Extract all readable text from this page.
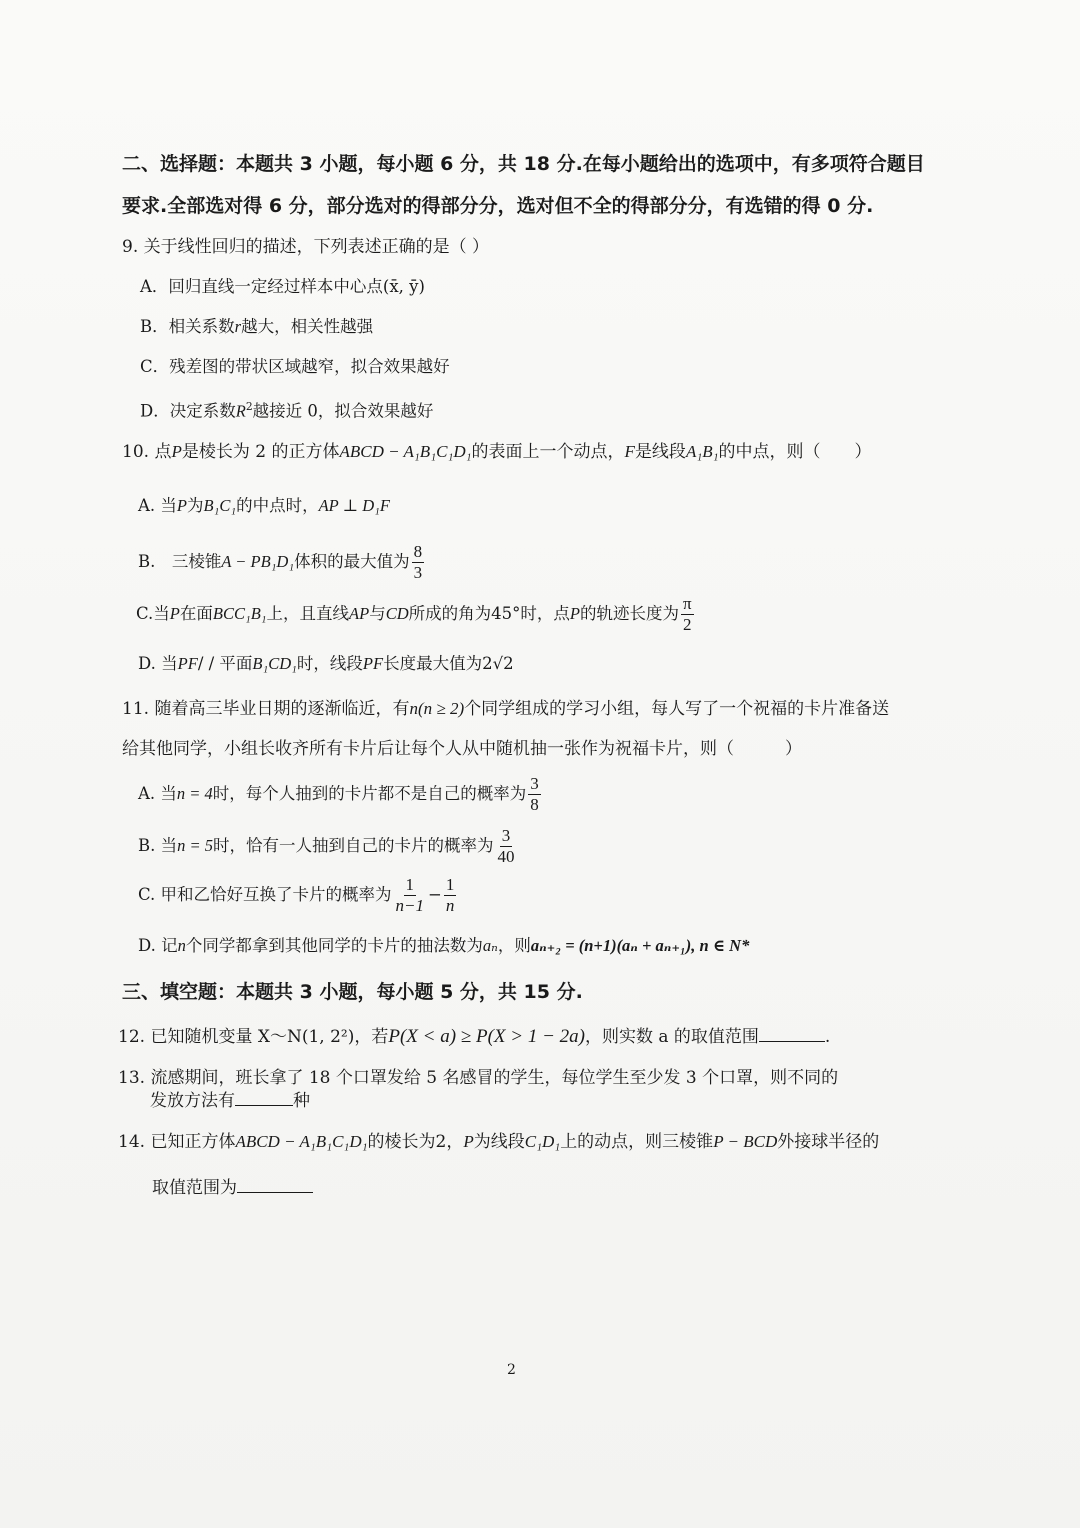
二、选择题：本题共 3 小题，每小题 6 分，共 18 分.在每小题给出的选项中，有多项符合题目
要求.全部选对得 6 分，部分选对的得部分分，选对但不全的得部分分，有选错的得 0 分.
9. 关于线性回归的描述，下列表述正确的是（ ）
A．回归直线一定经过样本中心点(x̄, ȳ)
B．相关系数r越大，相关性越强
C．残差图的带状区域越窄，拟合效果越好
D．决定系数$R^2$越接近 0，拟合效果越好
10. 点P是棱长为 2 的正方体ABCD − A₁B₁C₁D₁的表面上一个动点，F是线段A₁B₁的中点，则（　　）
A. 当P为B₁C₁的中点时，AP ⊥ D₁F
B.　三棱锥A − PB₁D₁体积的最大值为 $\frac{8}{3}$
C.当P在面BCC₁B₁上，且直线AP与CD所成的角为45°时，点P的轨迹长度为 $\frac{\pi}{2}$
D. 当PF/ / 平面B₁CD₁时，线段PF长度最大值为2√2
11. 随着高三毕业日期的逐渐临近，有n(n ≥ 2)个同学组成的学习小组，每人写了一个祝福的卡片准备送
给其他同学，小组长收齐所有卡片后让每个人从中随机抽一张作为祝福卡片，则（　　　）
A. 当n = 4时，每个人抽到的卡片都不是自己的概率为 $\frac{3}{8}$
B. 当n = 5时，恰有一人抽到自己的卡片的概率为 $\frac{3}{40}$
C. 甲和乙恰好互换了卡片的概率为 $\frac{1}{n-1} - \frac{1}{n}$
D. 记n个同学都拿到其他同学的卡片的抽法数为aₙ，则aₙ₊₂ = (n+1)(aₙ + aₙ₊₁), n ∈ N*
三、填空题：本题共 3 小题，每小题 5 分，共 15 分.
12. 已知随机变量 X～N(1, 2²)，若P(X < a) ≥ P(X > 1 − 2a)，则实数 a 的取值范围	.
13. 流感期间，班长拿了 18 个口罩发给 5 名感冒的学生，每位学生至少发 3 个口罩，则不同的
发放方法有	种
14. 已知正方体ABCD − A₁B₁C₁D₁的棱长为2，P为线段C₁D₁上的动点，则三棱锥P − BCD外接球半径的
取值范围为
2
